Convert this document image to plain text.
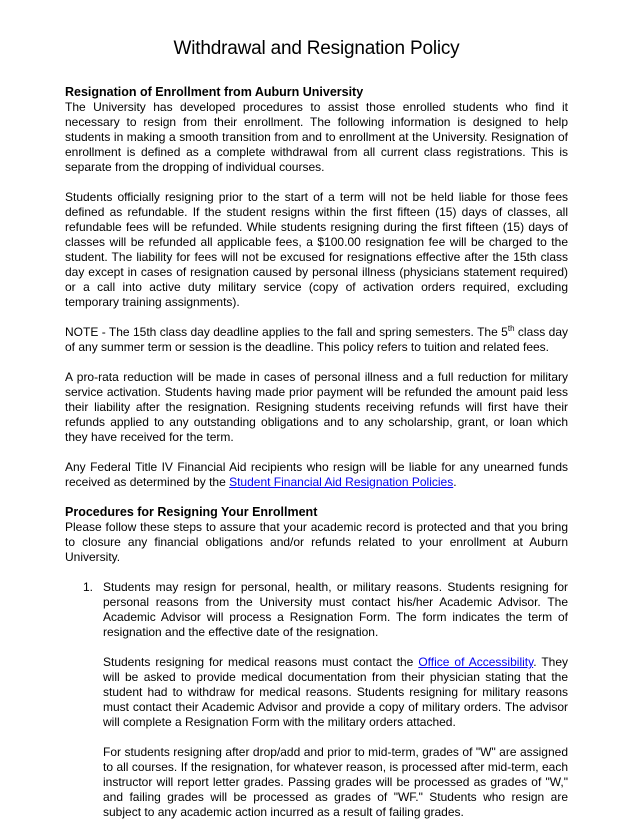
Withdrawal and Resignation Policy
Resignation of Enrollment from Auburn University

The University has developed procedures to assist those enrolled students who find it necessary to resign from their enrollment. The following information is designed to help students in making a smooth transition from and to enrollment at the University. Resignation of enrollment is defined as a complete withdrawal from all current class registrations. This is separate from the dropping of individual courses.

Students officially resigning prior to the start of a term will not be held liable for those fees defined as refundable. If the student resigns within the first fifteen (15) days of classes, all refundable fees will be refunded. While students resigning during the first fifteen (15) days of classes will be refunded all applicable fees, a $100.00 resignation fee will be charged to the student. The liability for fees will not be excused for resignations effective after the 15th class day except in cases of resignation caused by personal illness (physicians statement required) or a call into active duty military service (copy of activation orders required, excluding temporary training assignments).

NOTE - The 15th class day deadline applies to the fall and spring semesters. The 5th class day of any summer term or session is the deadline. This policy refers to tuition and related fees.

A pro-rata reduction will be made in cases of personal illness and a full reduction for military service activation. Students having made prior payment will be refunded the amount paid less their liability after the resignation. Resigning students receiving refunds will first have their refunds applied to any outstanding obligations and to any scholarship, grant, or loan which they have received for the term.

Any Federal Title IV Financial Aid recipients who resign will be liable for any unearned funds received as determined by the Student Financial Aid Resignation Policies.

Procedures for Resigning Your Enrollment

Please follow these steps to assure that your academic record is protected and that you bring to closure any financial obligations and/or refunds related to your enrollment at Auburn University.

1. Students may resign for personal, health, or military reasons. Students resigning for personal reasons from the University must contact his/her Academic Advisor. The Academic Advisor will process a Resignation Form. The form indicates the term of resignation and the effective date of the resignation.

Students resigning for medical reasons must contact the Office of Accessibility. They will be asked to provide medical documentation from their physician stating that the student had to withdraw for medical reasons. Students resigning for military reasons must contact their Academic Advisor and provide a copy of military orders. The advisor will complete a Resignation Form with the military orders attached.

For students resigning after drop/add and prior to mid-term, grades of "W" are assigned to all courses. If the resignation, for whatever reason, is processed after mid-term, each instructor will report letter grades. Passing grades will be processed as grades of "W," and failing grades will be processed as grades of "WF." Students who resign are subject to any academic action incurred as a result of failing grades.
